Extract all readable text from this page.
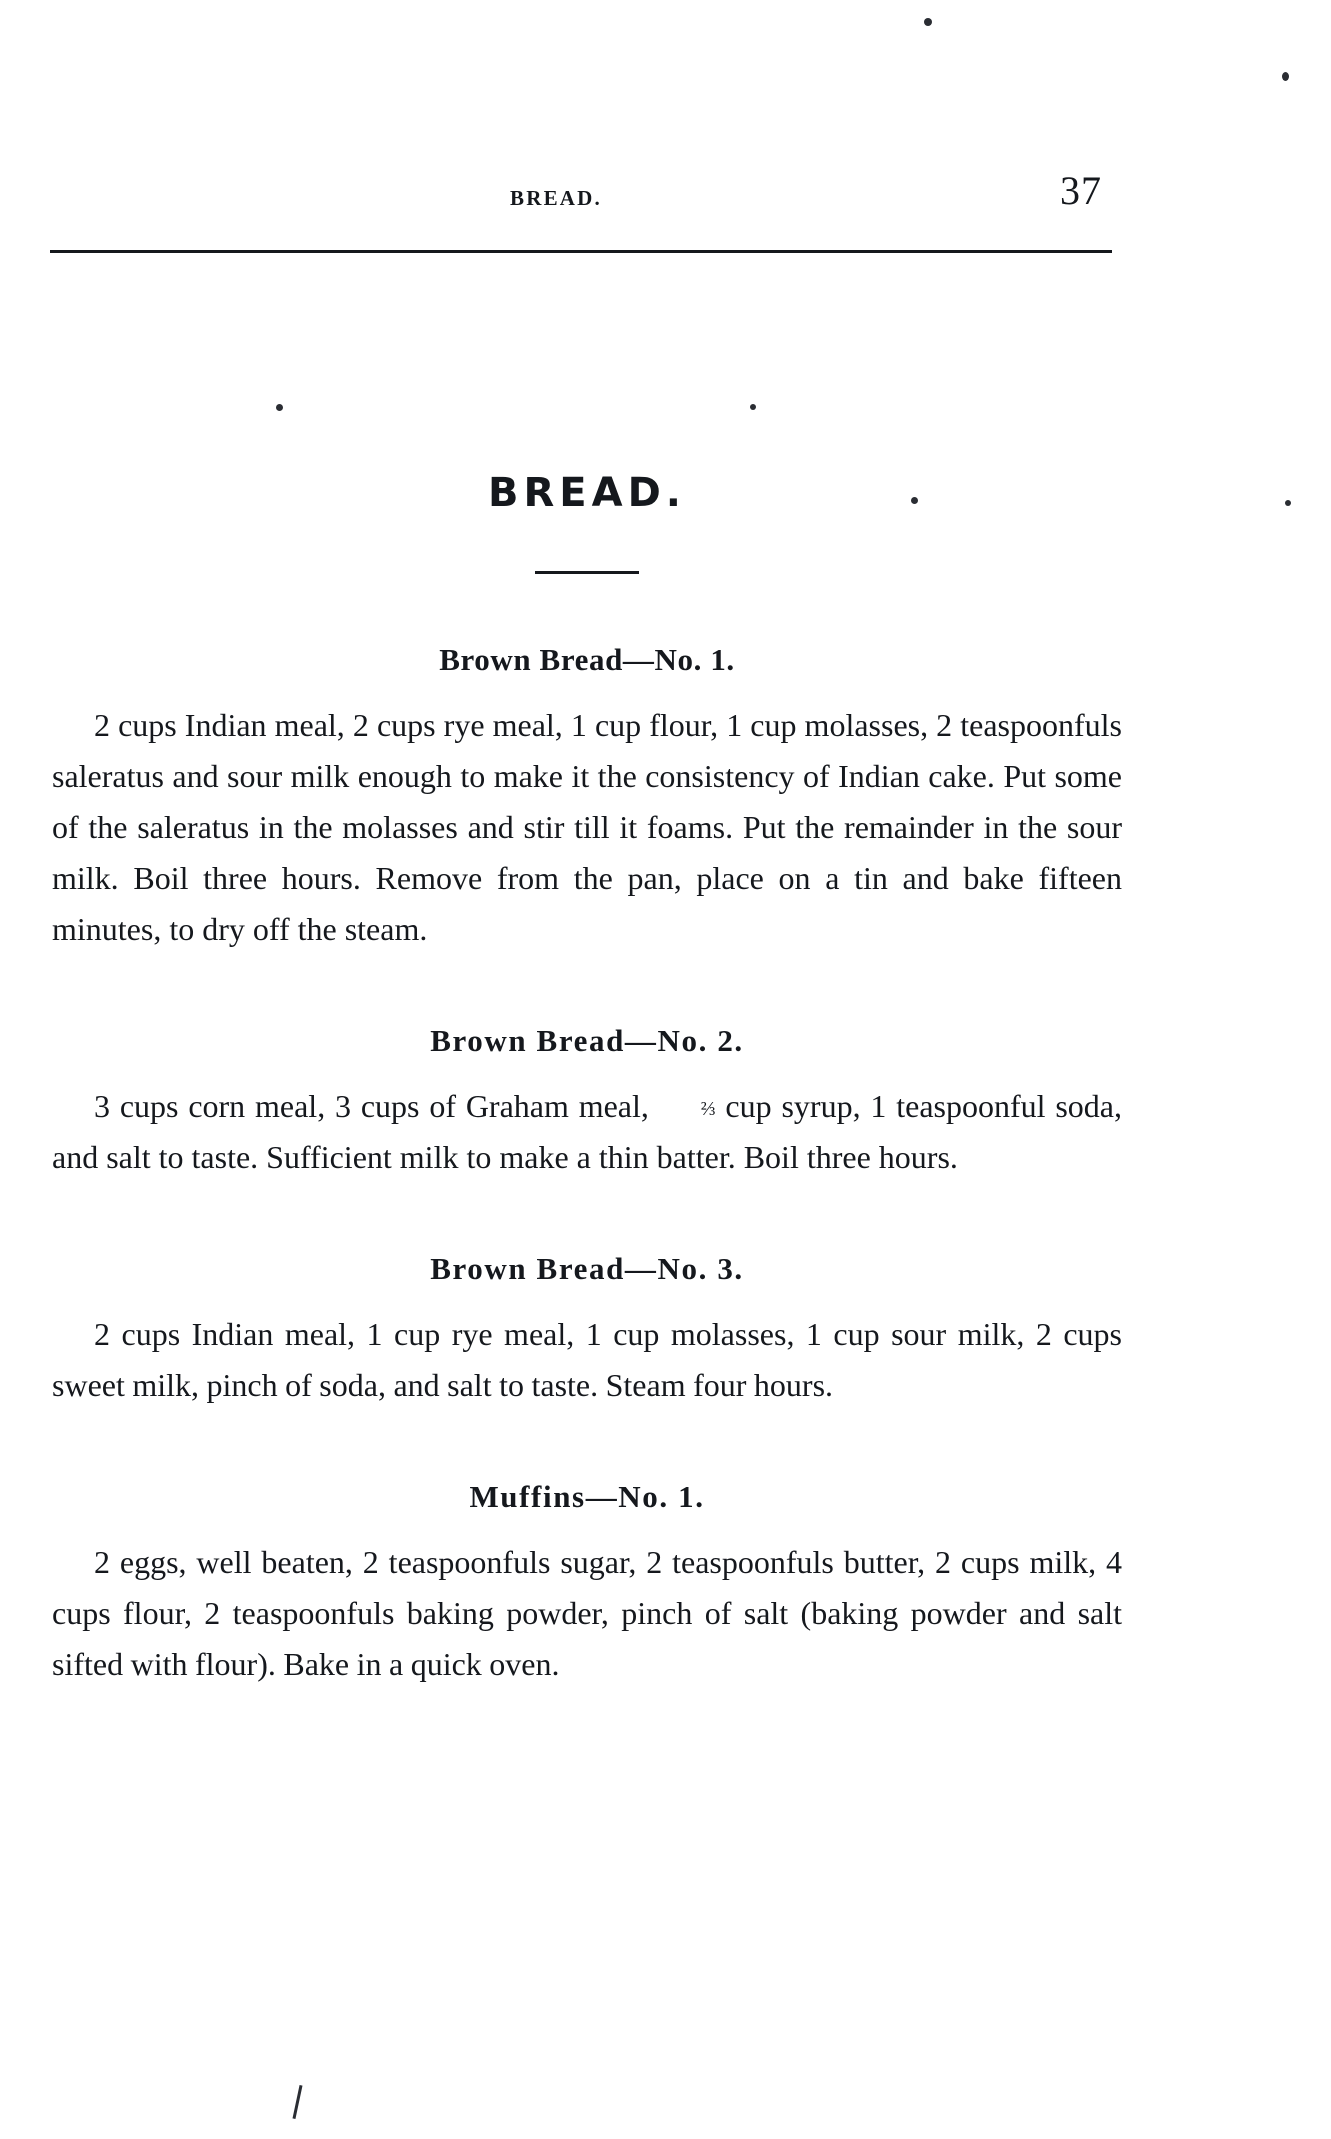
BREAD.	37
BREAD.
Brown Bread—No. 1.

2 cups Indian meal, 2 cups rye meal, 1 cup flour, 1 cup molasses, 2 teaspoonfuls saleratus and sour milk enough to make it the consistency of Indian cake. Put some of the saleratus in the molasses and stir till it foams. Put the remainder in the sour milk. Boil three hours. Remove from the pan, place on a tin and bake fifteen minutes, to dry off the steam.

Brown Bread—No. 2.

3 cups corn meal, 3 cups of Graham meal, ⅔ cup syrup, 1 teaspoonful soda, and salt to taste. Sufficient milk to make a thin batter. Boil three hours.

Brown Bread—No. 3.

2 cups Indian meal, 1 cup rye meal, 1 cup molasses, 1 cup sour milk, 2 cups sweet milk, pinch of soda, and salt to taste. Steam four hours.

Muffins—No. 1.

2 eggs, well beaten, 2 teaspoonfuls sugar, 2 teaspoonfuls butter, 2 cups milk, 4 cups flour, 2 teaspoonfuls baking powder, pinch of salt (baking powder and salt sifted with flour). Bake in a quick oven.
